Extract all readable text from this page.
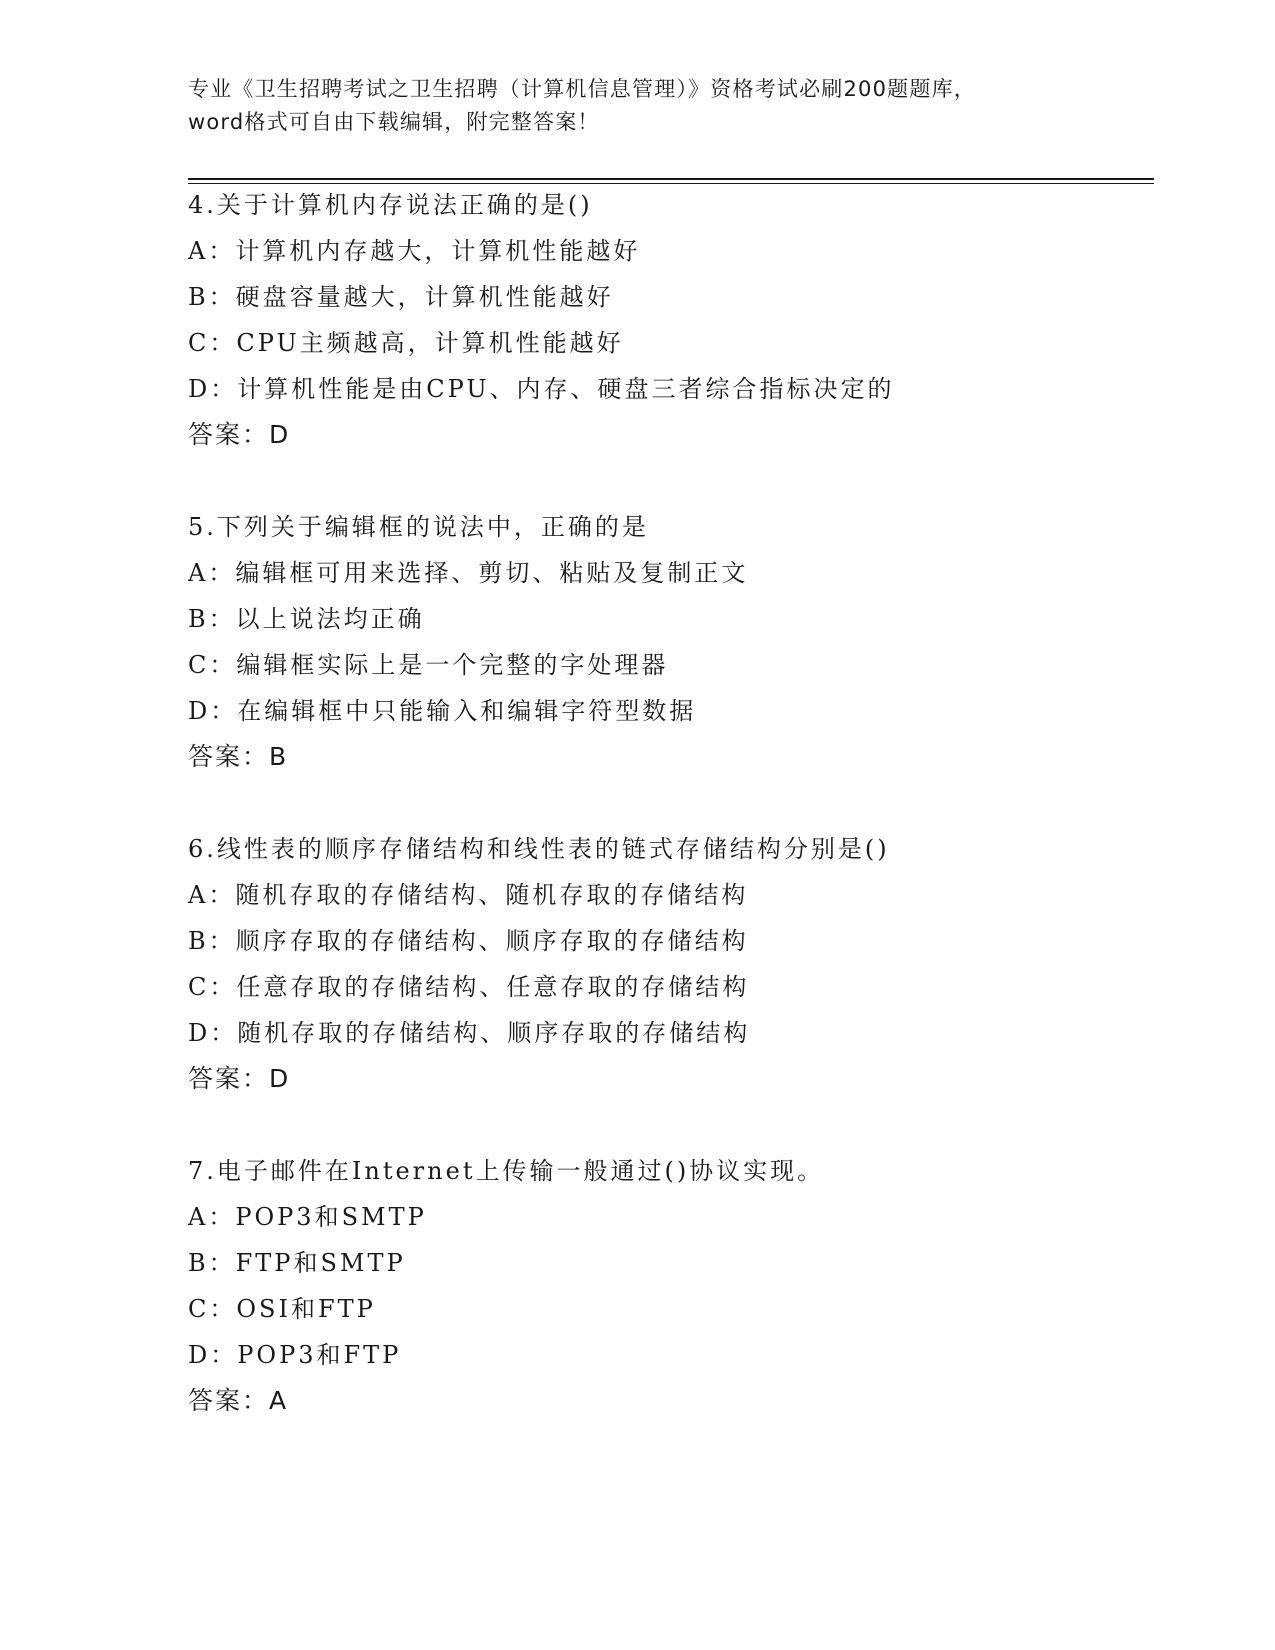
专业《卫生招聘考试之卫生招聘（计算机信息管理）》资格考试必刷200题题库，
word格式可自由下载编辑，附完整答案！
4.关于计算机内存说法正确的是()
A：计算机内存越大，计算机性能越好
B：硬盘容量越大，计算机性能越好
C：CPU主频越高，计算机性能越好
D：计算机性能是由CPU、内存、硬盘三者综合指标决定的
答案：D
5.下列关于编辑框的说法中，正确的是
A：编辑框可用来选择、剪切、粘贴及复制正文
B：以上说法均正确
C：编辑框实际上是一个完整的字处理器
D：在编辑框中只能输入和编辑字符型数据
答案：B
6.线性表的顺序存储结构和线性表的链式存储结构分别是()
A：随机存取的存储结构、随机存取的存储结构
B：顺序存取的存储结构、顺序存取的存储结构
C：任意存取的存储结构、任意存取的存储结构
D：随机存取的存储结构、顺序存取的存储结构
答案：D
7.电子邮件在Internet上传输一般通过()协议实现。
A：POP3和SMTP
B：FTP和SMTP
C：OSI和FTP
D：POP3和FTP
答案：A
